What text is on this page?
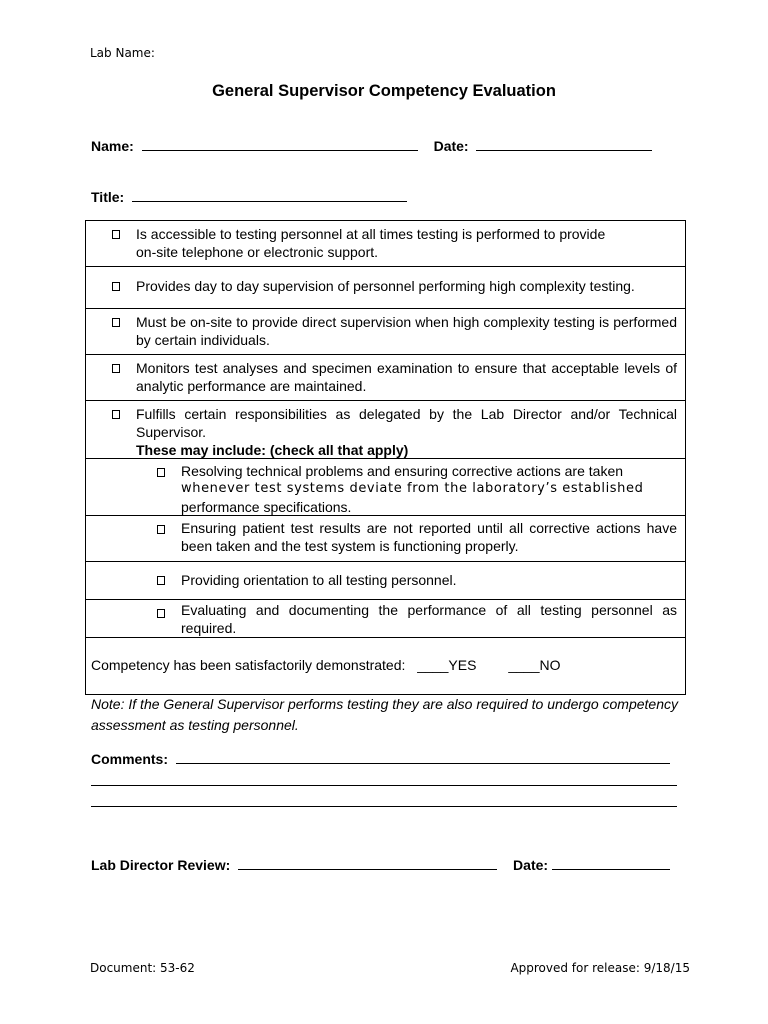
Lab Name:
General Supervisor Competency Evaluation
Name:	Date:
Title:
Is accessible to testing personnel at all times testing is performed to provide
on-site telephone or electronic support.
Provides day to day supervision of personnel performing high complexity testing.
Must be on-site to provide direct supervision when high complexity testing is performed by certain individuals.
Monitors test analyses and specimen examination to ensure that acceptable levels of analytic performance are maintained.
Fulfills certain responsibilities as delegated by the Lab Director and/or Technical Supervisor.
These may include: (check all that apply)
Resolving technical problems and ensuring corrective actions are taken
whenever test systems deviate from the laboratory’s established
performance specifications.
Ensuring patient test results are not reported until all corrective actions have been taken and the test system is functioning properly.
Providing orientation to all testing personnel.
Evaluating and documenting the performance of all testing personnel as required.
Competency has been satisfactorily demonstrated: ____YES ____NO
Note: If the General Supervisor performs testing they are also required to undergo competency assessment as testing personnel.
Comments:
Lab Director Review:	Date:
Document: 53-62	Approved for release: 9/18/15
